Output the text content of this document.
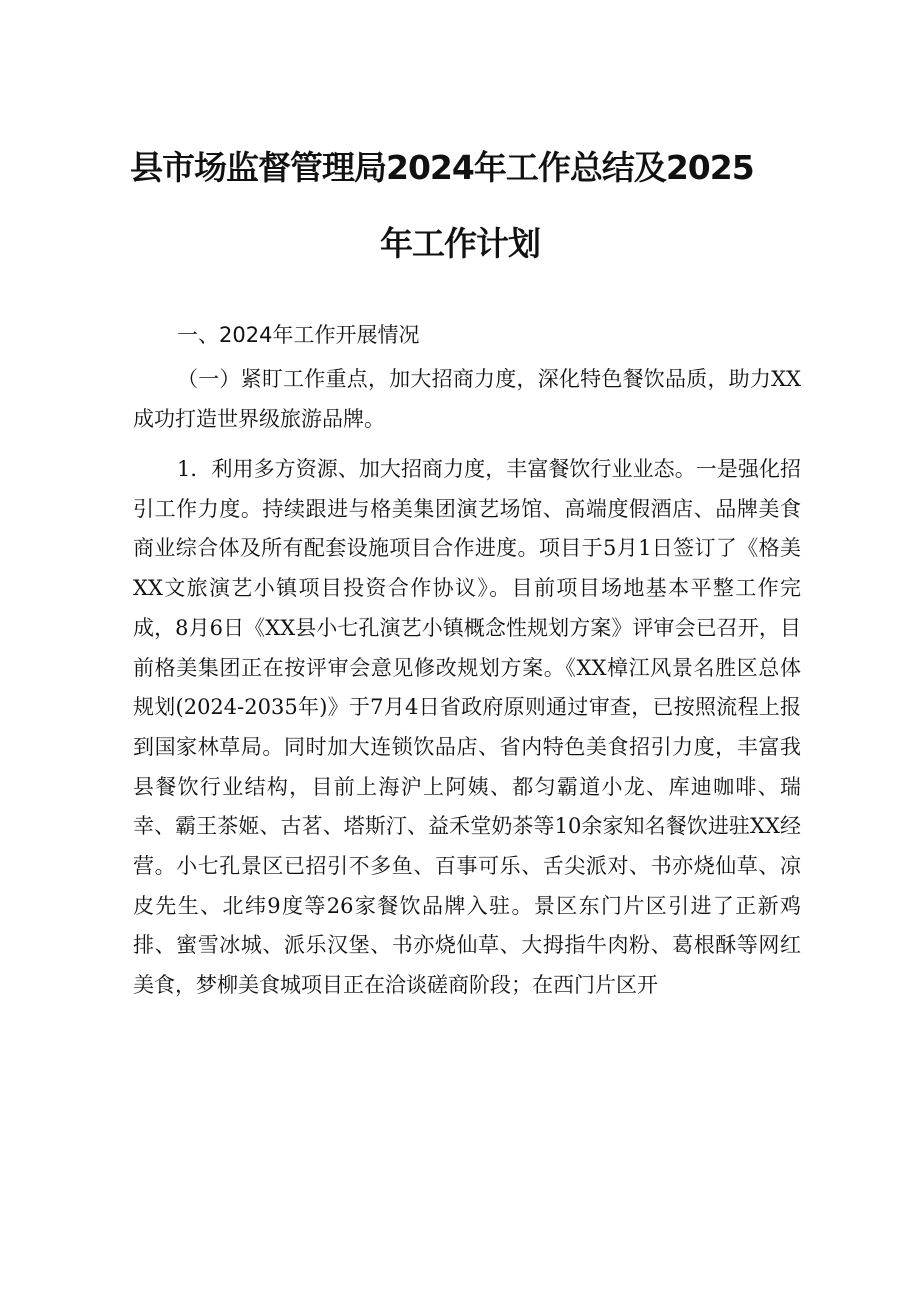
县市场监督管理局2024年工作总结及2025
年工作计划
一、2024年工作开展情况

（一）紧盯工作重点，加大招商力度，深化特色餐饮品质，助力XX成功打造世界级旅游品牌。

1．利用多方资源、加大招商力度，丰富餐饮行业业态。一是强化招引工作力度。持续跟进与格美集团演艺场馆、高端度假酒店、品牌美食商业综合体及所有配套设施项目合作进度。项目于5月1日签订了《格美XX文旅演艺小镇项目投资合作协议》。目前项目场地基本平整工作完成，8月6日《XX县小七孔演艺小镇概念性规划方案》评审会已召开，目前格美集团正在按评审会意见修改规划方案。《XX樟江风景名胜区总体规划(2024-2035年)》于7月4日省政府原则通过审查，已按照流程上报到国家林草局。同时加大连锁饮品店、省内特色美食招引力度，丰富我县餐饮行业结构，目前上海沪上阿姨、都匀霸道小龙、库迪咖啡、瑞幸、霸王茶姬、古茗、塔斯汀、益禾堂奶茶等10余家知名餐饮进驻XX经营。小七孔景区已招引不多鱼、百事可乐、舌尖派对、书亦烧仙草、凉皮先生、北纬9度等26家餐饮品牌入驻。景区东门片区引进了正新鸡排、蜜雪冰城、派乐汉堡、书亦烧仙草、大拇指牛肉粉、葛根酥等网红美食，梦柳美食城项目正在洽谈磋商阶段；在西门片区开
